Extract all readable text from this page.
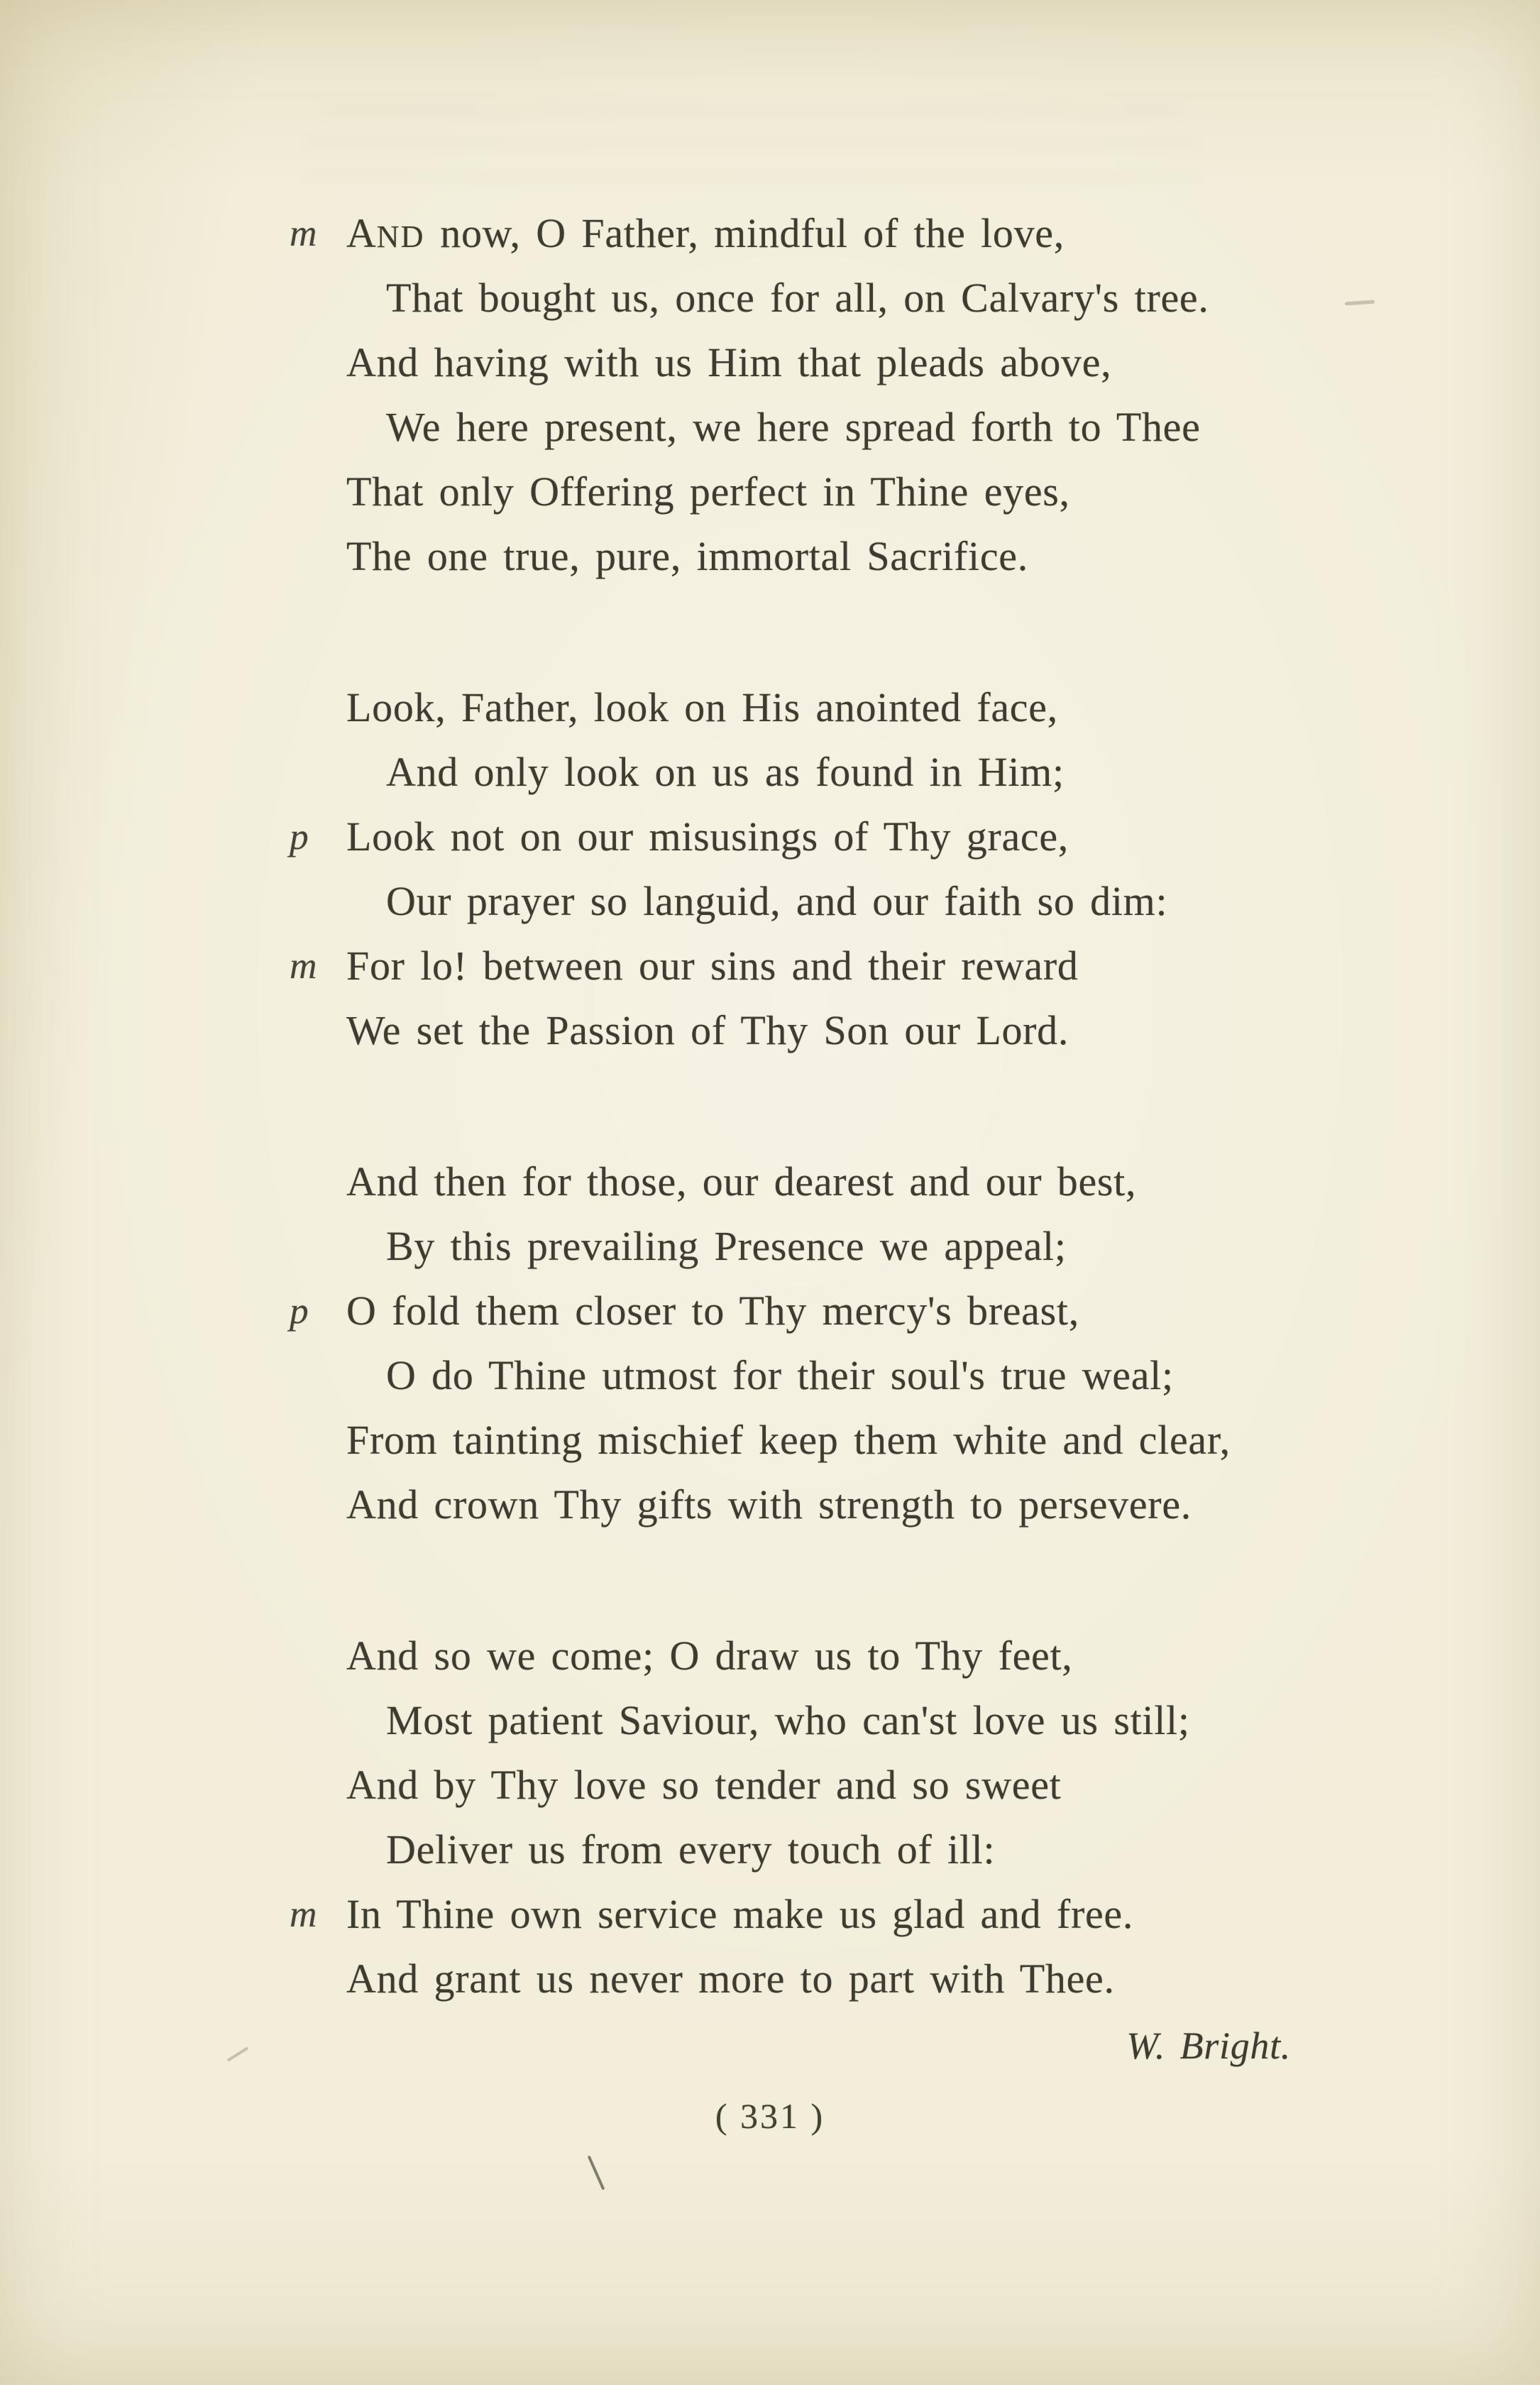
m AND now, O Father, mindful of the love,
That bought us, once for all, on Calvary's tree.
And having with us Him that pleads above,
We here present, we here spread forth to Thee
That only Offering perfect in Thine eyes,
The one true, pure, immortal Sacrifice.
Look, Father, look on His anointed face,
And only look on us as found in Him;
p Look not on our misusings of Thy grace,
Our prayer so languid, and our faith so dim:
m For lo! between our sins and their reward
We set the Passion of Thy Son our Lord.
And then for those, our dearest and our best,
By this prevailing Presence we appeal;
p O fold them closer to Thy mercy's breast,
O do Thine utmost for their soul's true weal;
From tainting mischief keep them white and clear,
And crown Thy gifts with strength to persevere.
And so we come; O draw us to Thy feet,
Most patient Saviour, who can'st love us still;
And by Thy love so tender and so sweet
Deliver us from every touch of ill:
m In Thine own service make us glad and free.
And grant us never more to part with Thee.
W. Bright.
( 331 )
